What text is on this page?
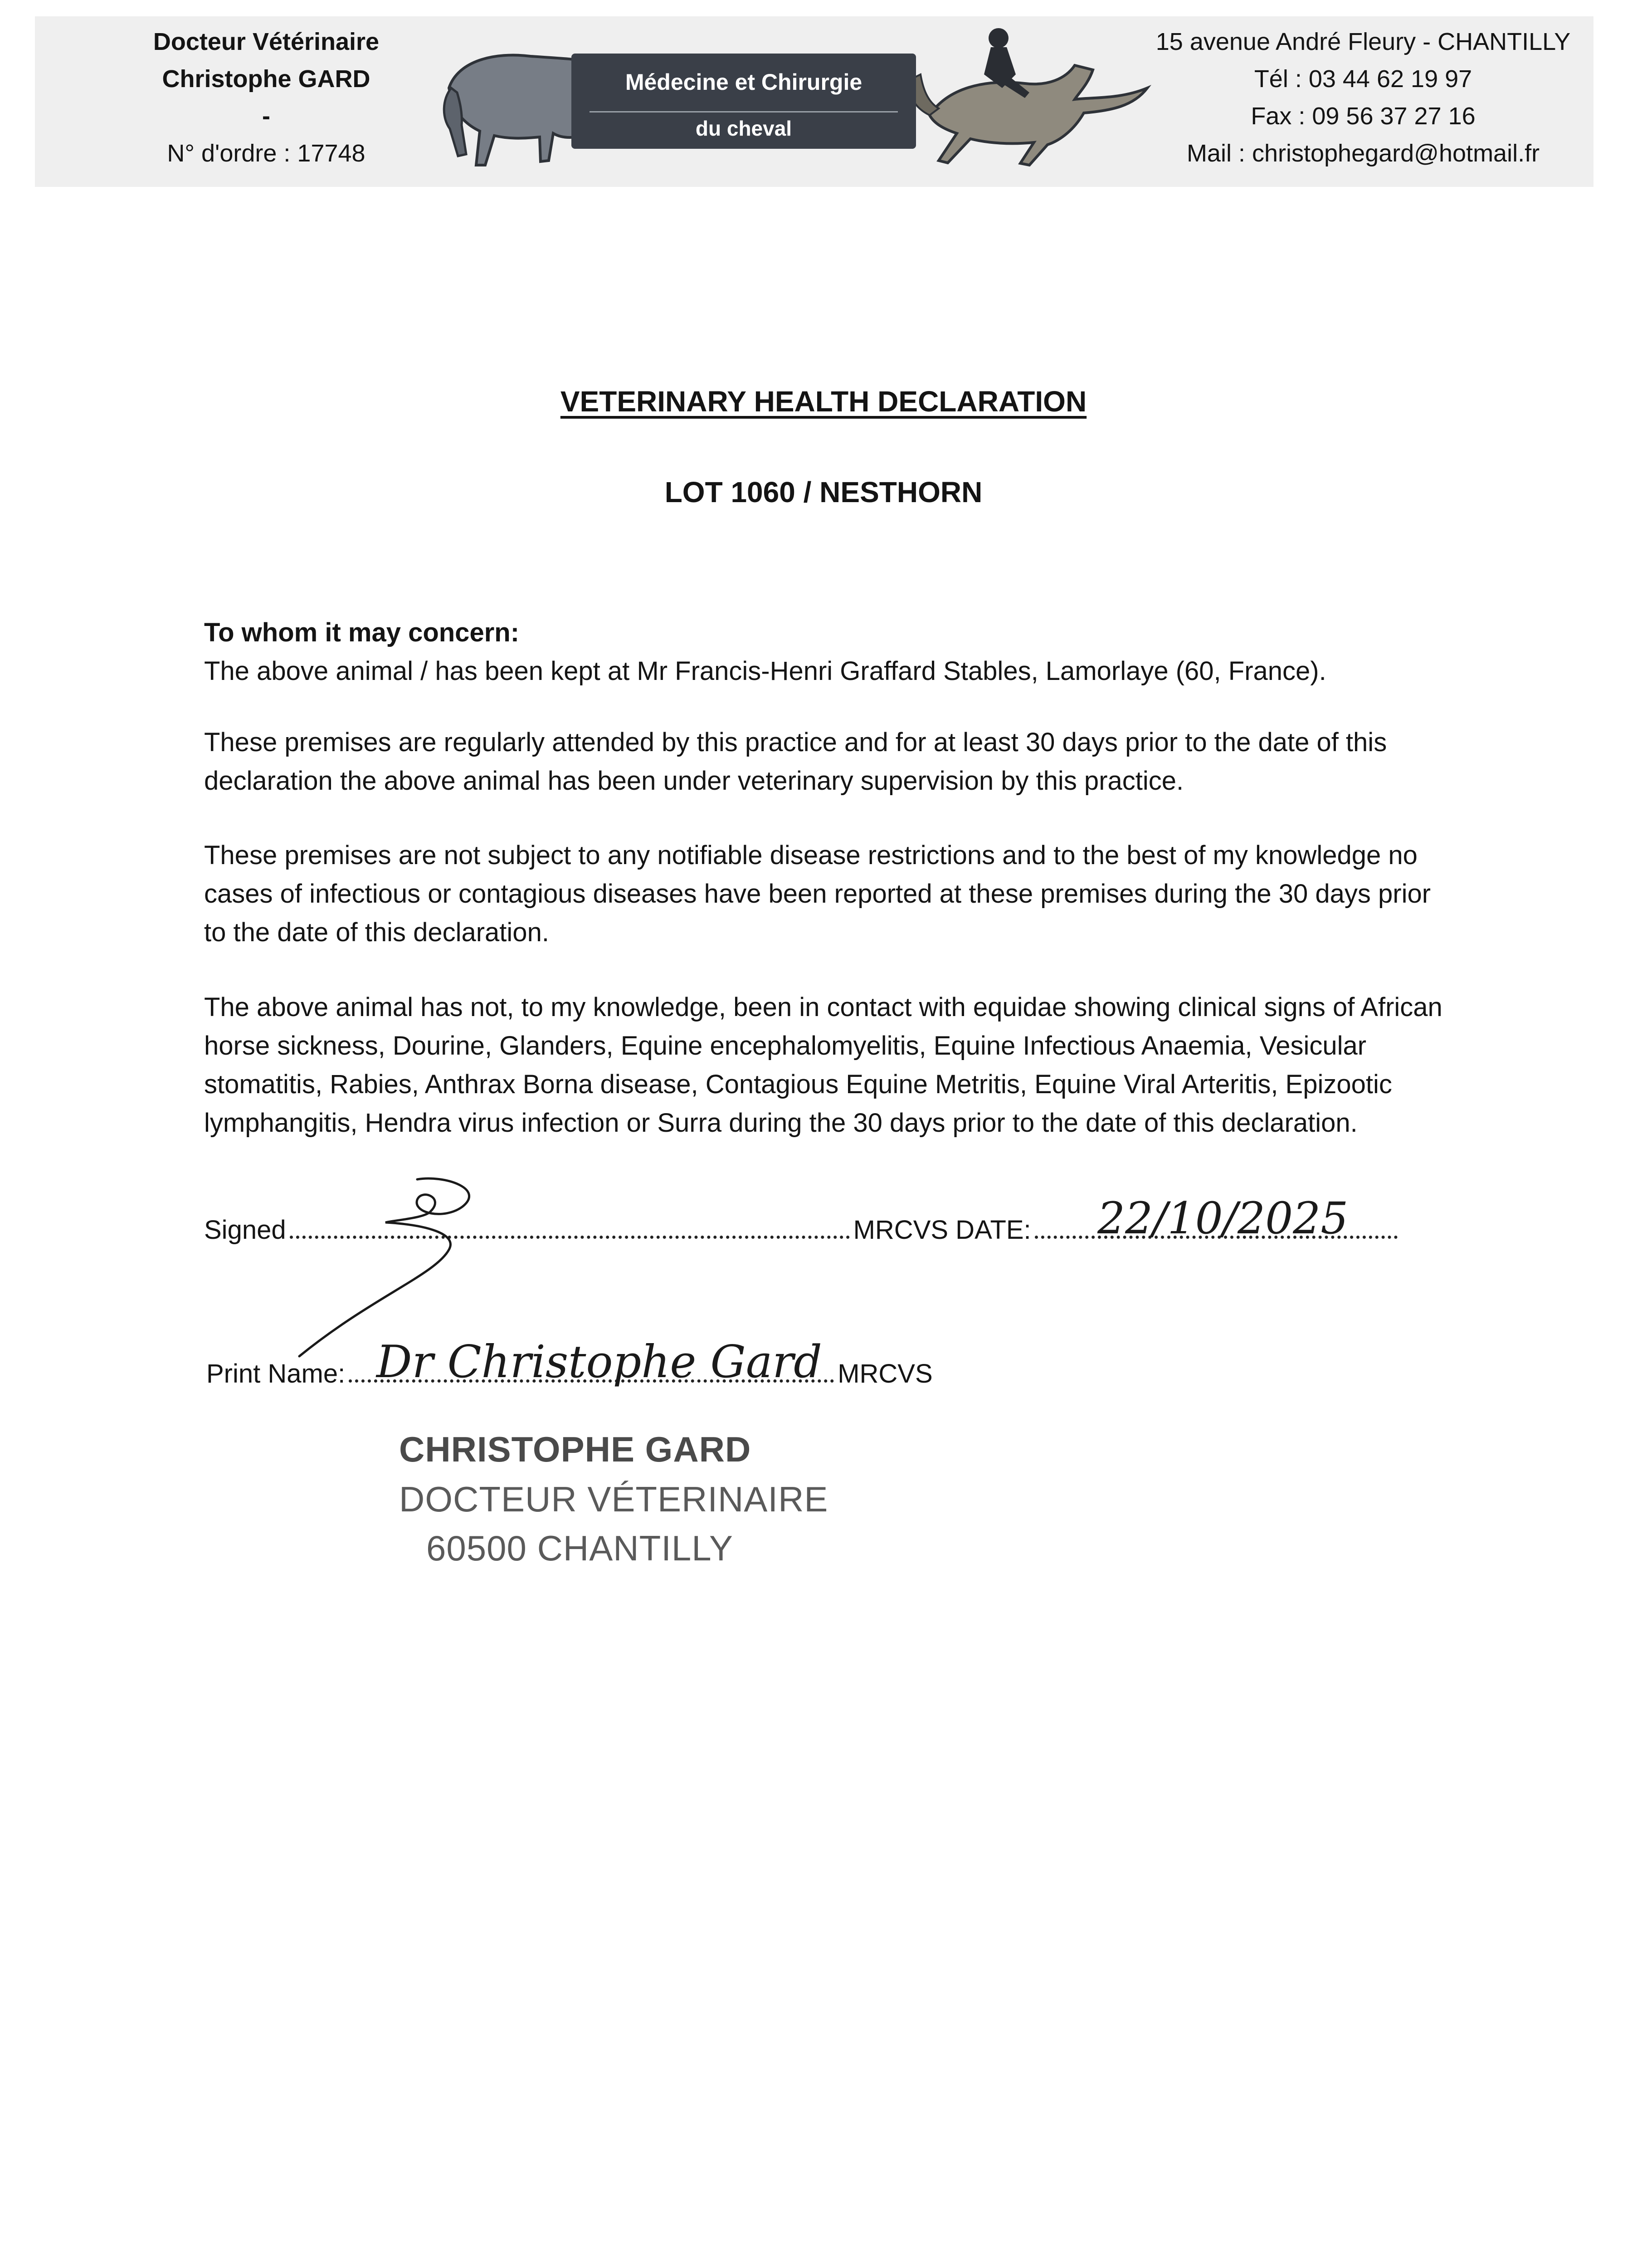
Docteur Vétérinaire
Christophe GARD
-
N° d'ordre : 17748
15 avenue André Fleury - CHANTILLY
Tél : 03 44 62 19 97
Fax : 09 56 37 27 16
Mail : christophegard@hotmail.fr
Médecine et Chirurgie
du cheval
VETERINARY HEALTH DECLARATION
LOT 1060 / NESTHORN
To whom it may concern:
The above animal / has been kept at Mr Francis-Henri Graffard Stables, Lamorlaye (60, France).
These premises are regularly attended by this practice and for at least 30 days prior to the date of this declaration the above animal has been under veterinary supervision by this practice.
These premises are not subject to any notifiable disease restrictions and to the best of my knowledge no cases of infectious or contagious diseases have been reported at these premises during the 30 days prior to the date of this declaration.
The above animal has not, to my knowledge, been in contact with equidae showing clinical signs of African horse sickness, Dourine, Glanders, Equine encephalomyelitis, Equine Infectious Anaemia, Vesicular stomatitis, Rabies, Anthrax Borna disease, Contagious Equine Metritis, Equine Viral Arteritis, Epizootic lymphangitis, Hendra virus infection or Surra during the 30 days prior to the date of this declaration.
Signed	MRCVS DATE:	22/10/2025
Print Name:	MRCVS
Dr Christophe Gard
CHRISTOPHE GARD
DOCTEUR VÉTERINAIRE
60500 CHANTILLY
